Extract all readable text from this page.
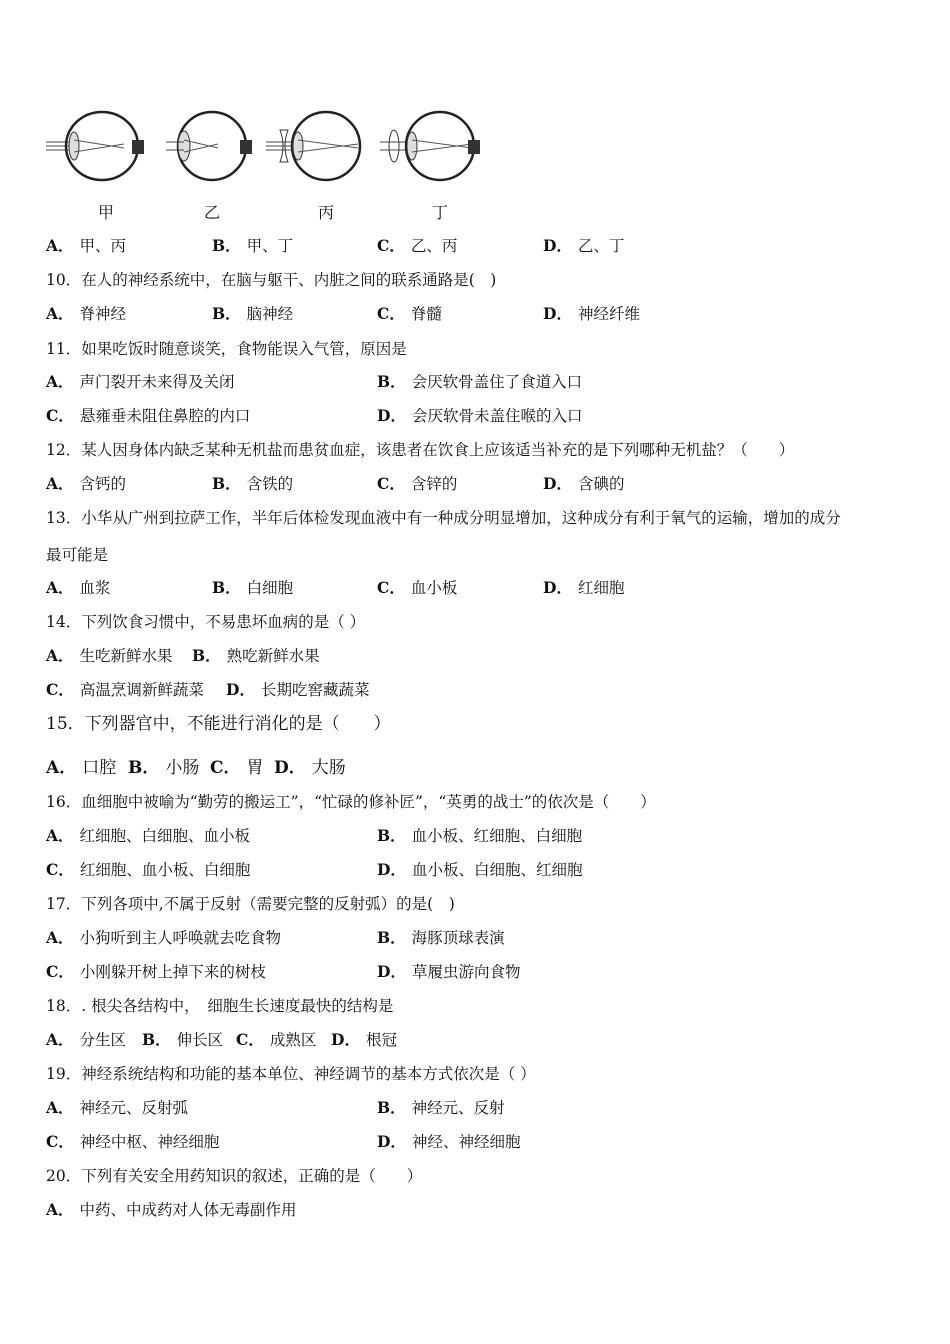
甲	乙	丙	丁
A． 甲、丙	B． 甲、丁	C． 乙、丙	D． 乙、丁
10．在人的神经系统中，在脑与躯干、内脏之间的联系通路是(　)
A． 脊神经	B． 脑神经	C． 脊髓	D． 神经纤维
11．如果吃饭时随意谈笑，食物能误入气管，原因是
A． 声门裂开未来得及关闭	B． 会厌软骨盖住了食道入口
C． 悬雍垂未阻住鼻腔的内口	D． 会厌软骨未盖住喉的入口
12．某人因身体内缺乏某种无机盐而患贫血症，该患者在饮食上应该适当补充的是下列哪种无机盐？（　　）
A． 含钙的	B． 含铁的	C． 含锌的	D． 含碘的
13．小华从广州到拉萨工作，半年后体检发现血液中有一种成分明显增加，这种成分有利于氧气的运输，增加的成分
最可能是
A． 血浆	B． 白细胞	C． 血小板	D． 红细胞
14．下列饮食习惯中，不易患坏血病的是（ ）
A． 生吃新鲜水果 B． 熟吃新鲜水果
C． 高温烹调新鲜蔬菜 D． 长期吃窖藏蔬菜
15．下列器官中，不能进行消化的是（　　）
A． 口腔 B． 小肠 C． 胃 D． 大肠
16．血细胞中被喻为“勤劳的搬运工”，“忙碌的修补匠”，“英勇的战士”的依次是（　　）
A． 红细胞、白细胞、血小板	B． 血小板、红细胞、白细胞
C． 红细胞、血小板、白细胞	D． 血小板、白细胞、红细胞
17．下列各项中,不属于反射（需要完整的反射弧）的是(　)
A． 小狗听到主人呼唤就去吃食物	B． 海豚顶球表演
C． 小刚躲开树上掉下来的树枝	D． 草履虫游向食物
18．. 根尖各结构中，　细胞生长速度最快的结构是
A． 分生区 B． 伸长区 C． 成熟区 D． 根冠
19．神经系统结构和功能的基本单位、神经调节的基本方式依次是（ ）
A． 神经元、反射弧	B． 神经元、反射
C． 神经中枢、神经细胞	D． 神经、神经细胞
20．下列有关安全用药知识的叙述，正确的是（　　）
A． 中药、中成药对人体无毒副作用
